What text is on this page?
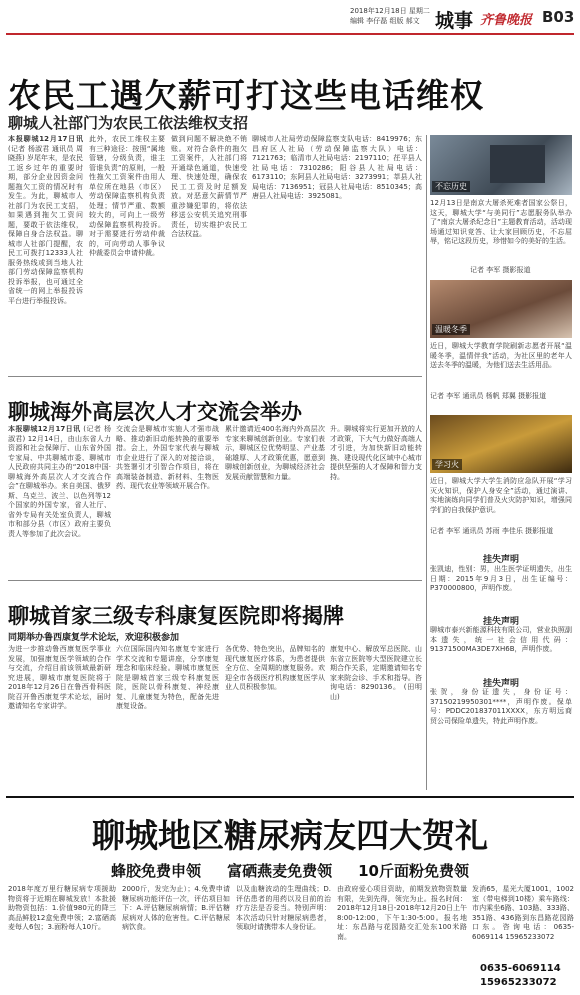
2018年12月18日 星期二
编辑 李仔磊 组版 郝文 城事 齐鲁晚报 B03
农民工遇欠薪可打这些电话维权
聊城人社部门为农民工依法维权支招
本报聊城12月17日讯 (记者 杨淑君 通讯员 周晓燕) 岁尾年末，是农民工返乡过年的重要时期，部分企业因资金问题拖欠工资的情况时有发生。为此，聊城市人社部门为农民工支招，如果遇到拖欠工资问题，要敢于依法维权，保障自身合法权益。聊城市人社部门提醒，农民工可拨打12333人社服务热线或到当地人社部门劳动保障监察机构投诉举报，也可通过全省统一的网上举报投诉平台进行举报投诉。
此外，农民工维权主要有三种途径：按照“属地管辖，分级负责，谁主管谁负责”的原则，一般性拖欠工资案件由用人单位所在地县（市区）劳动保障监察机构负责处理；情节严重、数额较大的，可向上一级劳动保障监察机构投诉。对于需要进行劳动仲裁的，可向劳动人事争议仲裁委员会申请仲裁。
做到问题不解决绝不销账。对符合条件的拖欠工资案件，人社部门将开通绿色通道，快速受理、快速处理，确保农民工工资及时足额发放。对恶意欠薪情节严重涉嫌犯罪的，将依法移送公安机关追究刑事责任，切实维护农民工合法权益。
聊城市人社局劳动保障监察支队电话：8419976；东昌府区人社局（劳动保障监察大队）电话：7121763；临清市人社局电话：2197110；茌平县人社局电话：7310286；阳谷县人社局电话：6173110；东阿县人社局电话：3273991；莘县人社局电话：7136951；冠县人社局电话：8510345；高唐县人社局电话：3925081。
聊城海外高层次人才交流会举办
本报聊城12月17日讯 (记者 杨淑君) 12月14日，由山东省人力资源和社会保障厅、山东省外国专家局、中共聊城市委、聊城市人民政府共同主办的“2018中国·聊城海外高层次人才交流合作会”在聊城举办。来自美国、俄罗斯、乌克兰、波兰、以色列等12个国家的外国专家，省人社厅、省外专局有关处室负责人，聊城市和部分县（市区）政府主要负责人等参加了此次会议。
交流会是聊城市实施人才强市战略、推动新旧动能转换的重要举措。会上，外国专家代表与聊城市企业进行了深入的对接洽谈，共签署引才引智合作项目，将在高端装备制造、新材料、生物医药、现代农业等领域开展合作。
累计邀请近400名海内外高层次专家来聊城创新创业。专家们表示，聊城区位优势明显、产业基础雄厚、人才政策优惠，愿意到聊城创新创业，为聊城经济社会发展贡献智慧和力量。
升。聊城将实行更加开放的人才政策，下大气力做好高端人才引进，为加快新旧动能转换、建设现代化区域中心城市提供坚强的人才保障和智力支持。
聊城首家三级专科康复医院即将揭牌
同期举办鲁西康复学术论坛，欢迎积极参加
为进一步推动鲁西康复医学事业发展，加强康复医学领域的合作与交流，介绍目前该领域最新研究进展，聊城市康复医院将于2018年12月26日在鲁西骨科医院召开鲁西康复学术论坛，届时邀请知名专家讲学。
六位国际国内知名康复专家进行学术交流和专题讲座，分享康复理念和临床经验。聊城市康复医院是聊城首家三级专科康复医院，医院以骨科康复、神经康复、儿童康复为特色，配备先进康复设备。
各优势、特色突出，品牌知名的现代康复医疗体系，为患者提供全方位、全周期的康复服务。欢迎全市各级医疗机构康复医学从业人员积极参加。
康复中心、解放军总医院、山东省立医院等大型医院建立长期合作关系，定期邀请知名专家来院会诊、手术和指导。咨询电话：8290136。 (田明山)
不忘历史
12月13日是南京大屠杀死难者国家公祭日，这天，聊城大学“与美同行”志愿服务队举办了“南京大屠杀纪念日”主题教育活动，活动现场通过知识竞答、让大家回顾历史，不忘屈辱，铭记这段历史，珍惜如今的美好的生活。
记者 李军 摄影报道
温暖冬季
近日，聊城大学教育学院刷新志愿者开展“温暖冬季，温情伴我”活动，为社区里的老年人送去冬季的温暖，为他们送去生活用品。
记者 李军 通讯员 杨帆 郑翼 摄影报道
学习火
近日，聊城大学大学生消防应急队开展“学习灭火知识，保护人身安全”活动，通过演讲、实地演练向同学们普及火灾防护知识，增强同学们的自我保护意识。
记者 李军 通讯员 苏雨 李佳乐 摄影报道
挂失声明
张凯迪，性别：男，出生医学证明遗失，出生日期：2015年9月3日，出生证编号：P370000800，声明作废。
挂失声明
聊城市泰兴新能源科技有限公司，营业执照副本遗失，统一社会信用代码：91371500MA3DE7XH6B，声明作废。
挂失声明
张贺，身份证遗失，身份证号：37150219950301****，声明作废。保单号：PDDC201837011XXXX，东方明远商贸公司保险单遗失，特此声明作废。
聊城地区糖尿病友四大贺礼
蜂胶免费申领 富硒燕麦免费领 10斤面粉免费领
2018年度万里行糖尿病专项援助物资将于近期在聊城发放！本批援助物资包括：1.价值980元的降三高品鲜胶12盒免费申领；2.富硒高麦每人6包；3.面粉每人10斤。
2000斤，发完为止）；4.免费申请糖尿病功能评估一次，评估项目如下：A.评估糖尿病病情；B.评估糖尿病对人体的危害性。C.评估糖尿病饮食。
以及血糖波动的生理曲线；D.评估患者的用药以及目前的治疗方法是否妥当。特别声明：本次活动只针对糖尿病患者，领取时请携带本人身份证。
由政府爱心项目资助，前期发放物资数量有限，先到先得，领完为止。报名时间：2018年12月18日-2018年12月20日上午8:00-12:00，下午1:30-5:00。报名地址：东昌路与花园路交汇处东100米路南。
发消65，星光大厦1001，1002室（带电梯到10楼）乘车路线：市内乘坐6路、103路、333路、351路、436路到东昌路花园路口东。咨询电话：0635-6069114 15965233072
0635-6069114
15965233072
